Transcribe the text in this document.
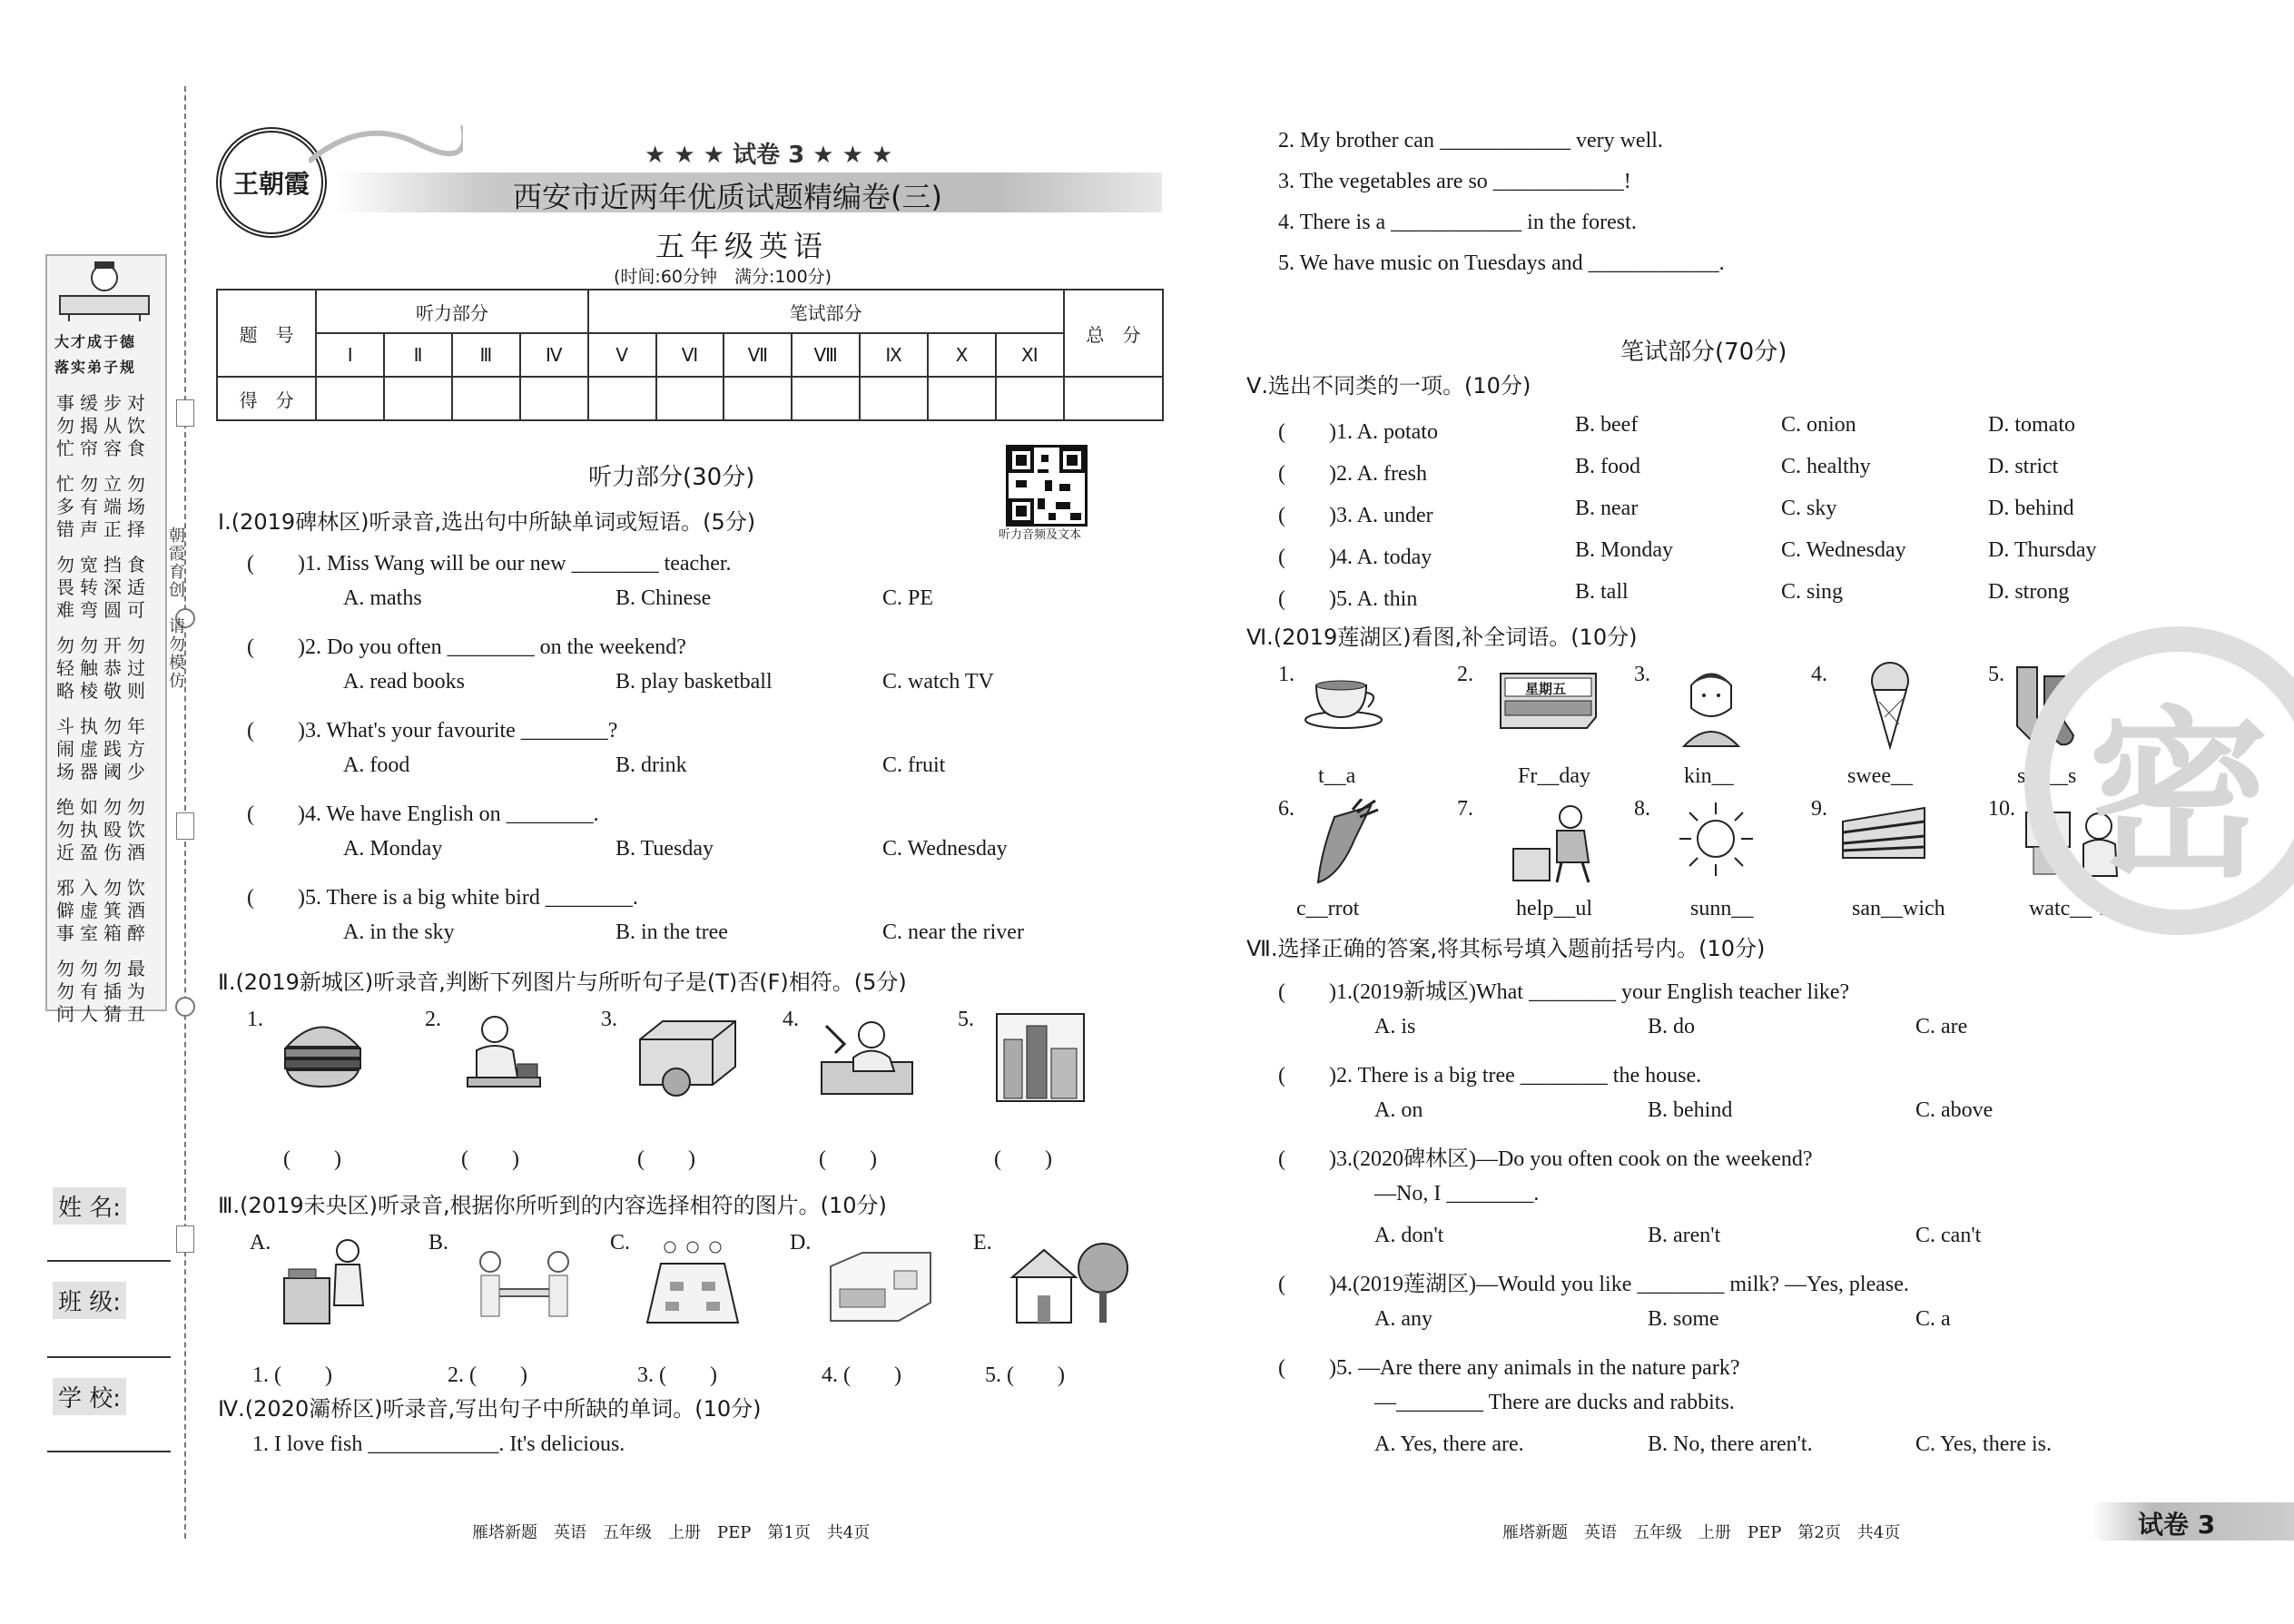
大才成于德
落实弟子规
事缓步对
勿揭从饮
忙帘容食
忙勿立勿
多有端场
错声正择
勿宽挡食
畏转深适
难弯圆可
勿勿开勿
轻触恭过
略棱敬则
斗执勿年
闹虚践方
场器阈少
绝如勿勿
勿执殴饮
近盈伤酒
邪入勿饮
僻虚箕酒
事室箱醉
勿勿勿最
勿有插为
问人猜丑
朝霞育创　请勿模仿
姓 名:
班 级:
学 校:
王朝霞
★ ★ ★ 试卷 3 ★ ★ ★
西安市近两年优质试题精编卷(三)
五年级英语
(时间:60分钟　满分:100分)
题　号	听力部分				笔试部分							总　分
	Ⅰ	Ⅱ	Ⅲ	Ⅳ	Ⅴ	Ⅵ	Ⅶ	Ⅷ	Ⅸ	Ⅹ	Ⅺ	
得　分												
听力音频及文本
听力部分(30分)
Ⅰ.(2019碑林区)听录音,选出句中所缺单词或短语。(5分)
(　　)1. Miss Wang will be our new ________ teacher.
A. maths	B. Chinese	C. PE
(　　)2. Do you often ________ on the weekend?
A. read books	B. play basketball	C. watch TV
(　　)3. What's your favourite ________?
A. food	B. drink	C. fruit
(　　)4. We have English on ________.
A. Monday	B. Tuesday	C. Wednesday
(　　)5. There is a big white bird ________.
A. in the sky	B. in the tree	C. near the river
Ⅱ.(2019新城区)听录音,判断下列图片与所听句子是(T)否(F)相符。(5分)
1.
(　　)
2.
(　　)
3.
(　　)
4.
(　　)
5.
(　　)
Ⅲ.(2019未央区)听录音,根据你所听到的内容选择相符的图片。(10分)
A.	B.	C.	D.	E.
1. (　　)	2. (　　)	3. (　　)	4. (　　)	5. (　　)
Ⅳ.(2020灞桥区)听录音,写出句子中所缺的单词。(10分)
1. I love fish ____________. It's delicious.
雁塔新题　英语　五年级　上册　PEP　第1页　共4页
2. My brother can ____________ very well.
3. The vegetables are so ____________!
4. There is a ____________ in the forest.
5. We have music on Tuesdays and ____________.
笔试部分(70分)
Ⅴ.选出不同类的一项。(10分)
(　　)1. A. potato	B. beef	C. onion	D. tomato
(　　)2. A. fresh	B. food	C. healthy	D. strict
(　　)3. A. under	B. near	C. sky	D. behind
(　　)4. A. today	B. Monday	C. Wednesday	D. Thursday
(　　)5. A. thin	B. tall	C. sing	D. strong
Ⅵ.(2019莲湖区)看图,补全词语。(10分)
1.
t__a
2.
Fr__day
3.
kin__
4.
swee__
5.
soc__s
6.
c__rrot
7.
help__ul
8.
sunn__
9.
san__wich
10.
watc__ TV
星期五
Ⅶ.选择正确的答案,将其标号填入题前括号内。(10分)
(　　)1.(2019新城区)What ________ your English teacher like?
A. is	B. do	C. are
(　　)2. There is a big tree ________ the house.
A. on	B. behind	C. above
(　　)3.(2020碑林区)—Do you often cook on the weekend?
—No, I ________.
A. don't	B. aren't	C. can't
(　　)4.(2019莲湖区)—Would you like ________ milk? —Yes, please.
A. any	B. some	C. a
(　　)5. —Are there any animals in the nature park?
—________ There are ducks and rabbits.
A. Yes, there are.	B. No, there aren't.	C. Yes, there is.
雁塔新题　英语　五年级　上册　PEP　第2页　共4页	试卷 3
密
